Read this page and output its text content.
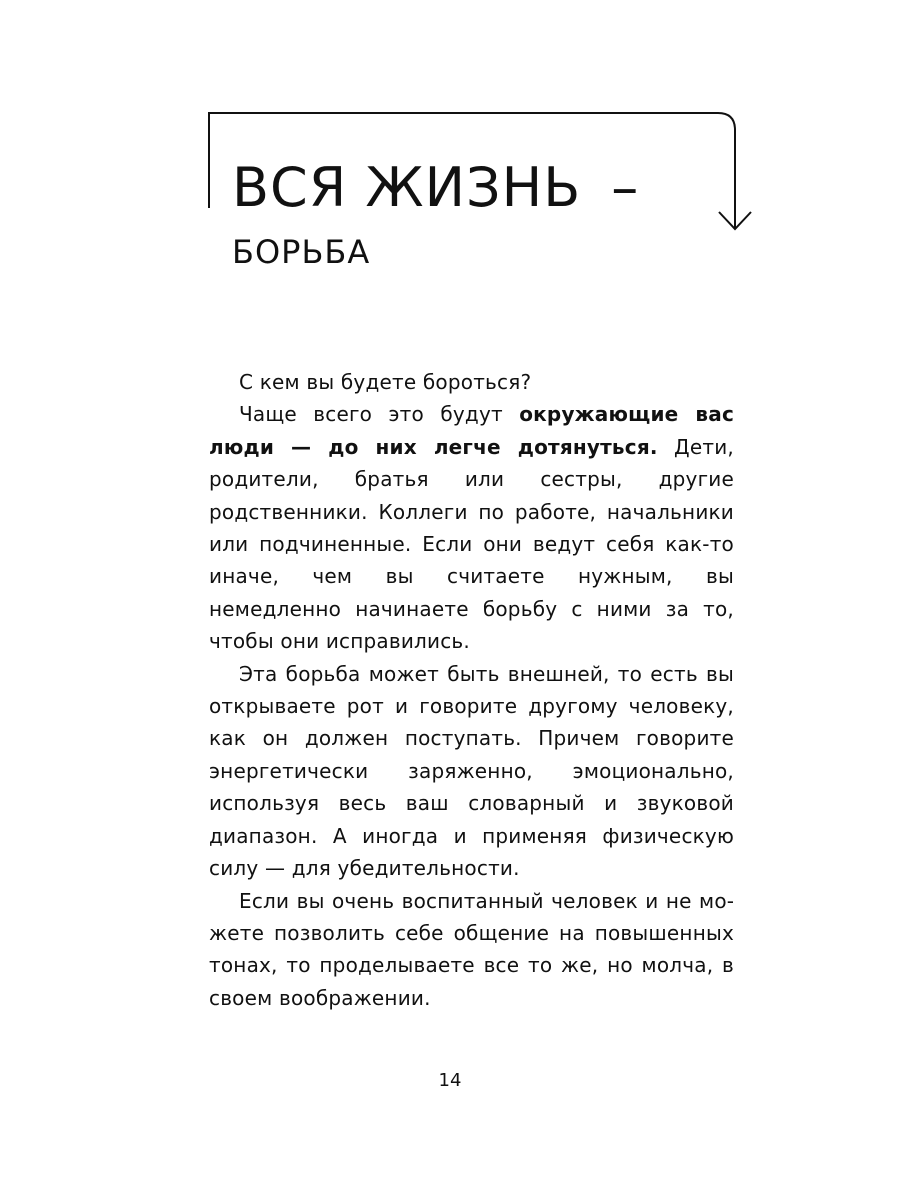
ВСЯ ЖИЗНЬ –
БОРЬБА

С кем вы будете бороться?

Чаще всего это будут окружающие вас люди — до них легче дотянуться. Дети, родители, братья или сестры, другие родственники. Коллеги по работе, начальники или подчиненные. Если они ведут себя как-то иначе, чем вы считаете нужным, вы немедленно начинаете борьбу с ними за то, чтобы они исправились.

Эта борьба может быть внешней, то есть вы открываете рот и говорите другому человеку, как он должен поступать. Причем говорите энергетически заряженно, эмоционально, используя весь ваш словарный и звуковой диапазон. А иногда и применяя физическую силу — для убедительности.

Если вы очень воспитанный человек и не можете позволить себе общение на повышенных тонах, то проделываете все то же, но молча, в своем воображении.

14
